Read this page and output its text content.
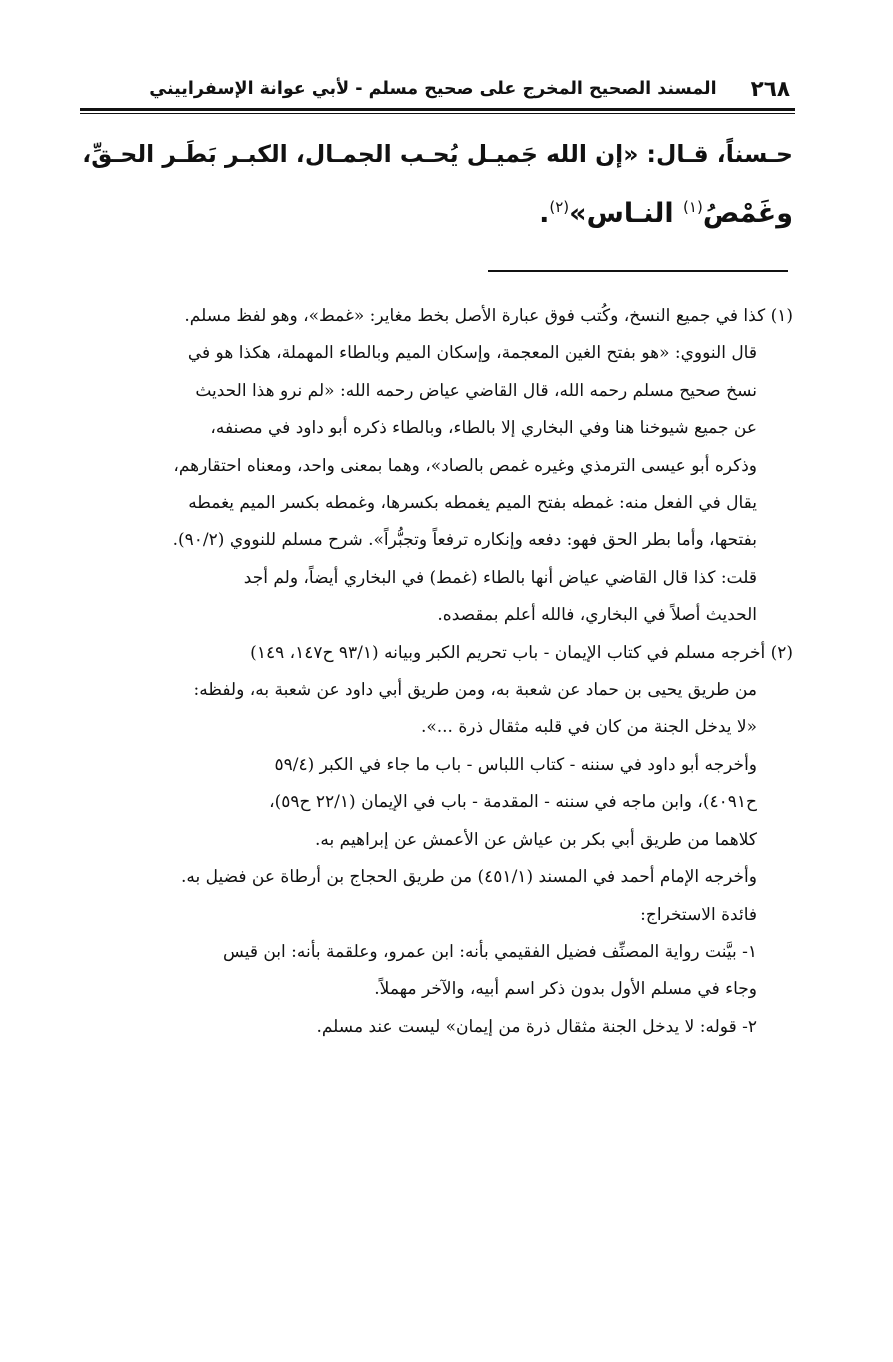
٢٦٨
المسند الصحيح المخرج على صحيح مسلم - لأبي عوانة الإسفراييني
حـسناً، قـال: «إن الله جَميـل يُحـب الجمـال، الكبـر بَطَـر الحـقِّ،
وغَمْصُ$^{(١)}$ النـاس»$^{(٢)}$.
(١) كذا في جميع النسخ، وكُتب فوق عبارة الأصل بخط مغاير: «غمط»، وهو لفظ مسلم.
قال النووي: «هو بفتح الغين المعجمة، وإسكان الميم وبالطاء المهملة، هكذا هو في
نسخ صحيح مسلم رحمه الله، قال القاضي عياض رحمه الله: «لم نرو هذا الحديث
عن جميع شيوخنا هنا وفي البخاري إلا بالطاء، وبالطاء ذكره أبو داود في مصنفه،
وذكره أبو عيسى الترمذي وغيره غمص بالصاد»، وهما بمعنى واحد، ومعناه احتقارهم،
يقال في الفعل منه: غمطه بفتح الميم يغمطه بكسرها، وغمطه بكسر الميم يغمطه
بفتحها، وأما بطر الحق فهو: دفعه وإنكاره ترفعاً وتجبُّراً». شرح مسلم للنووي (٩٠/٢).
قلت: كذا قال القاضي عياض أنها بالطاء (غمط) في البخاري أيضاً، ولم أجد
الحديث أصلاً في البخاري، فالله أعلم بمقصده.
(٢) أخرجه مسلم في كتاب الإيمان - باب تحريم الكبر وبيانه (٩٣/١ ح١٤٧، ١٤٩)
من طريق يحيى بن حماد عن شعبة به، ومن طريق أبي داود عن شعبة به، ولفظه:
«لا يدخل الجنة من كان في قلبه مثقال ذرة ...».
وأخرجه أبو داود في سننه - كتاب اللباس - باب ما جاء في الكبر (٥٩/٤
ح٤٠٩١)، وابن ماجه في سننه - المقدمة - باب في الإيمان (٢٢/١ ح٥٩)،
كلاهما من طريق أبي بكر بن عياش عن الأعمش عن إبراهيم به.
وأخرجه الإمام أحمد في المسند (٤٥١/١) من طريق الحجاج بن أرطاة عن فضيل به.
فائدة الاستخراج:
١- بيَّنت رواية المصنِّف فضيل الفقيمي بأنه: ابن عمرو، وعلقمة بأنه: ابن قيس
وجاء في مسلم الأول بدون ذكر اسم أبيه، والآخر مهملاً.
٢- قوله: لا يدخل الجنة مثقال ذرة من إيمان» ليست عند مسلم.
